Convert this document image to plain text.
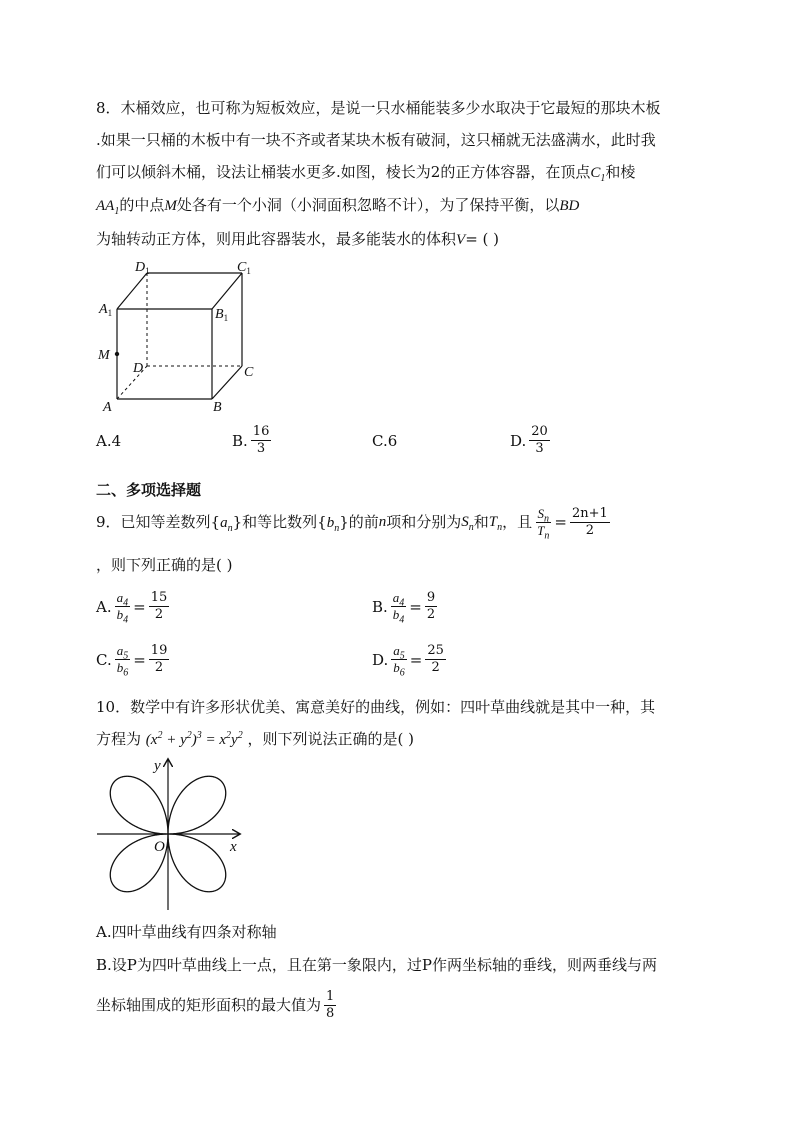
8．木桶效应，也可称为短板效应，是说一只水桶能装多少水取决于它最短的那块木板
.如果一只桶的木板中有一块不齐或者某块木板有破洞，这只桶就无法盛满水，此时我
们可以倾斜木桶，设法让桶装水更多.如图，棱长为2的正方体容器，在顶点$C_1$和棱
$AA_1$的中点M处各有一个小洞（小洞面积忽略不计），为了保持平衡，以BD
为轴转动正方体，则用此容器装水，最多能装水的体积V= ( )
$D_1$	$C_1$
$A_1$	$B_1$
M
D	C
A	B
A.4	B. $\frac{16}{3}$	C.6	D. $\frac{20}{3}$
二、多项选择题
9．已知等差数列 $\{a_n\}$ 和等比数列 $\{b_n\}$ 的前 n 项和分别为 $S_n$ 和 $T_n$ ，且 $\frac{S_n}{T_n} = \frac{2n+1}{2}$
，则下列正确的是( )
A. $\frac{a_4}{b_4} = \frac{15}{2}$	B. $\frac{a_4}{b_4} = \frac{9}{2}$
C. $\frac{a_5}{b_6} = \frac{19}{2}$	D. $\frac{a_5}{b_6} = \frac{25}{2}$
10．数学中有许多形状优美、寓意美好的曲线，例如：四叶草曲线就是其中一种，其
方程为 $(x^2 + y^2)^3 = x^2y^2$ ，则下列说法正确的是( )
y
x
O
A.四叶草曲线有四条对称轴
B.设P为四叶草曲线上一点，且在第一象限内，过P作两坐标轴的垂线，则两垂线与两
坐标轴围成的矩形面积的最大值为 $\frac{1}{8}$
